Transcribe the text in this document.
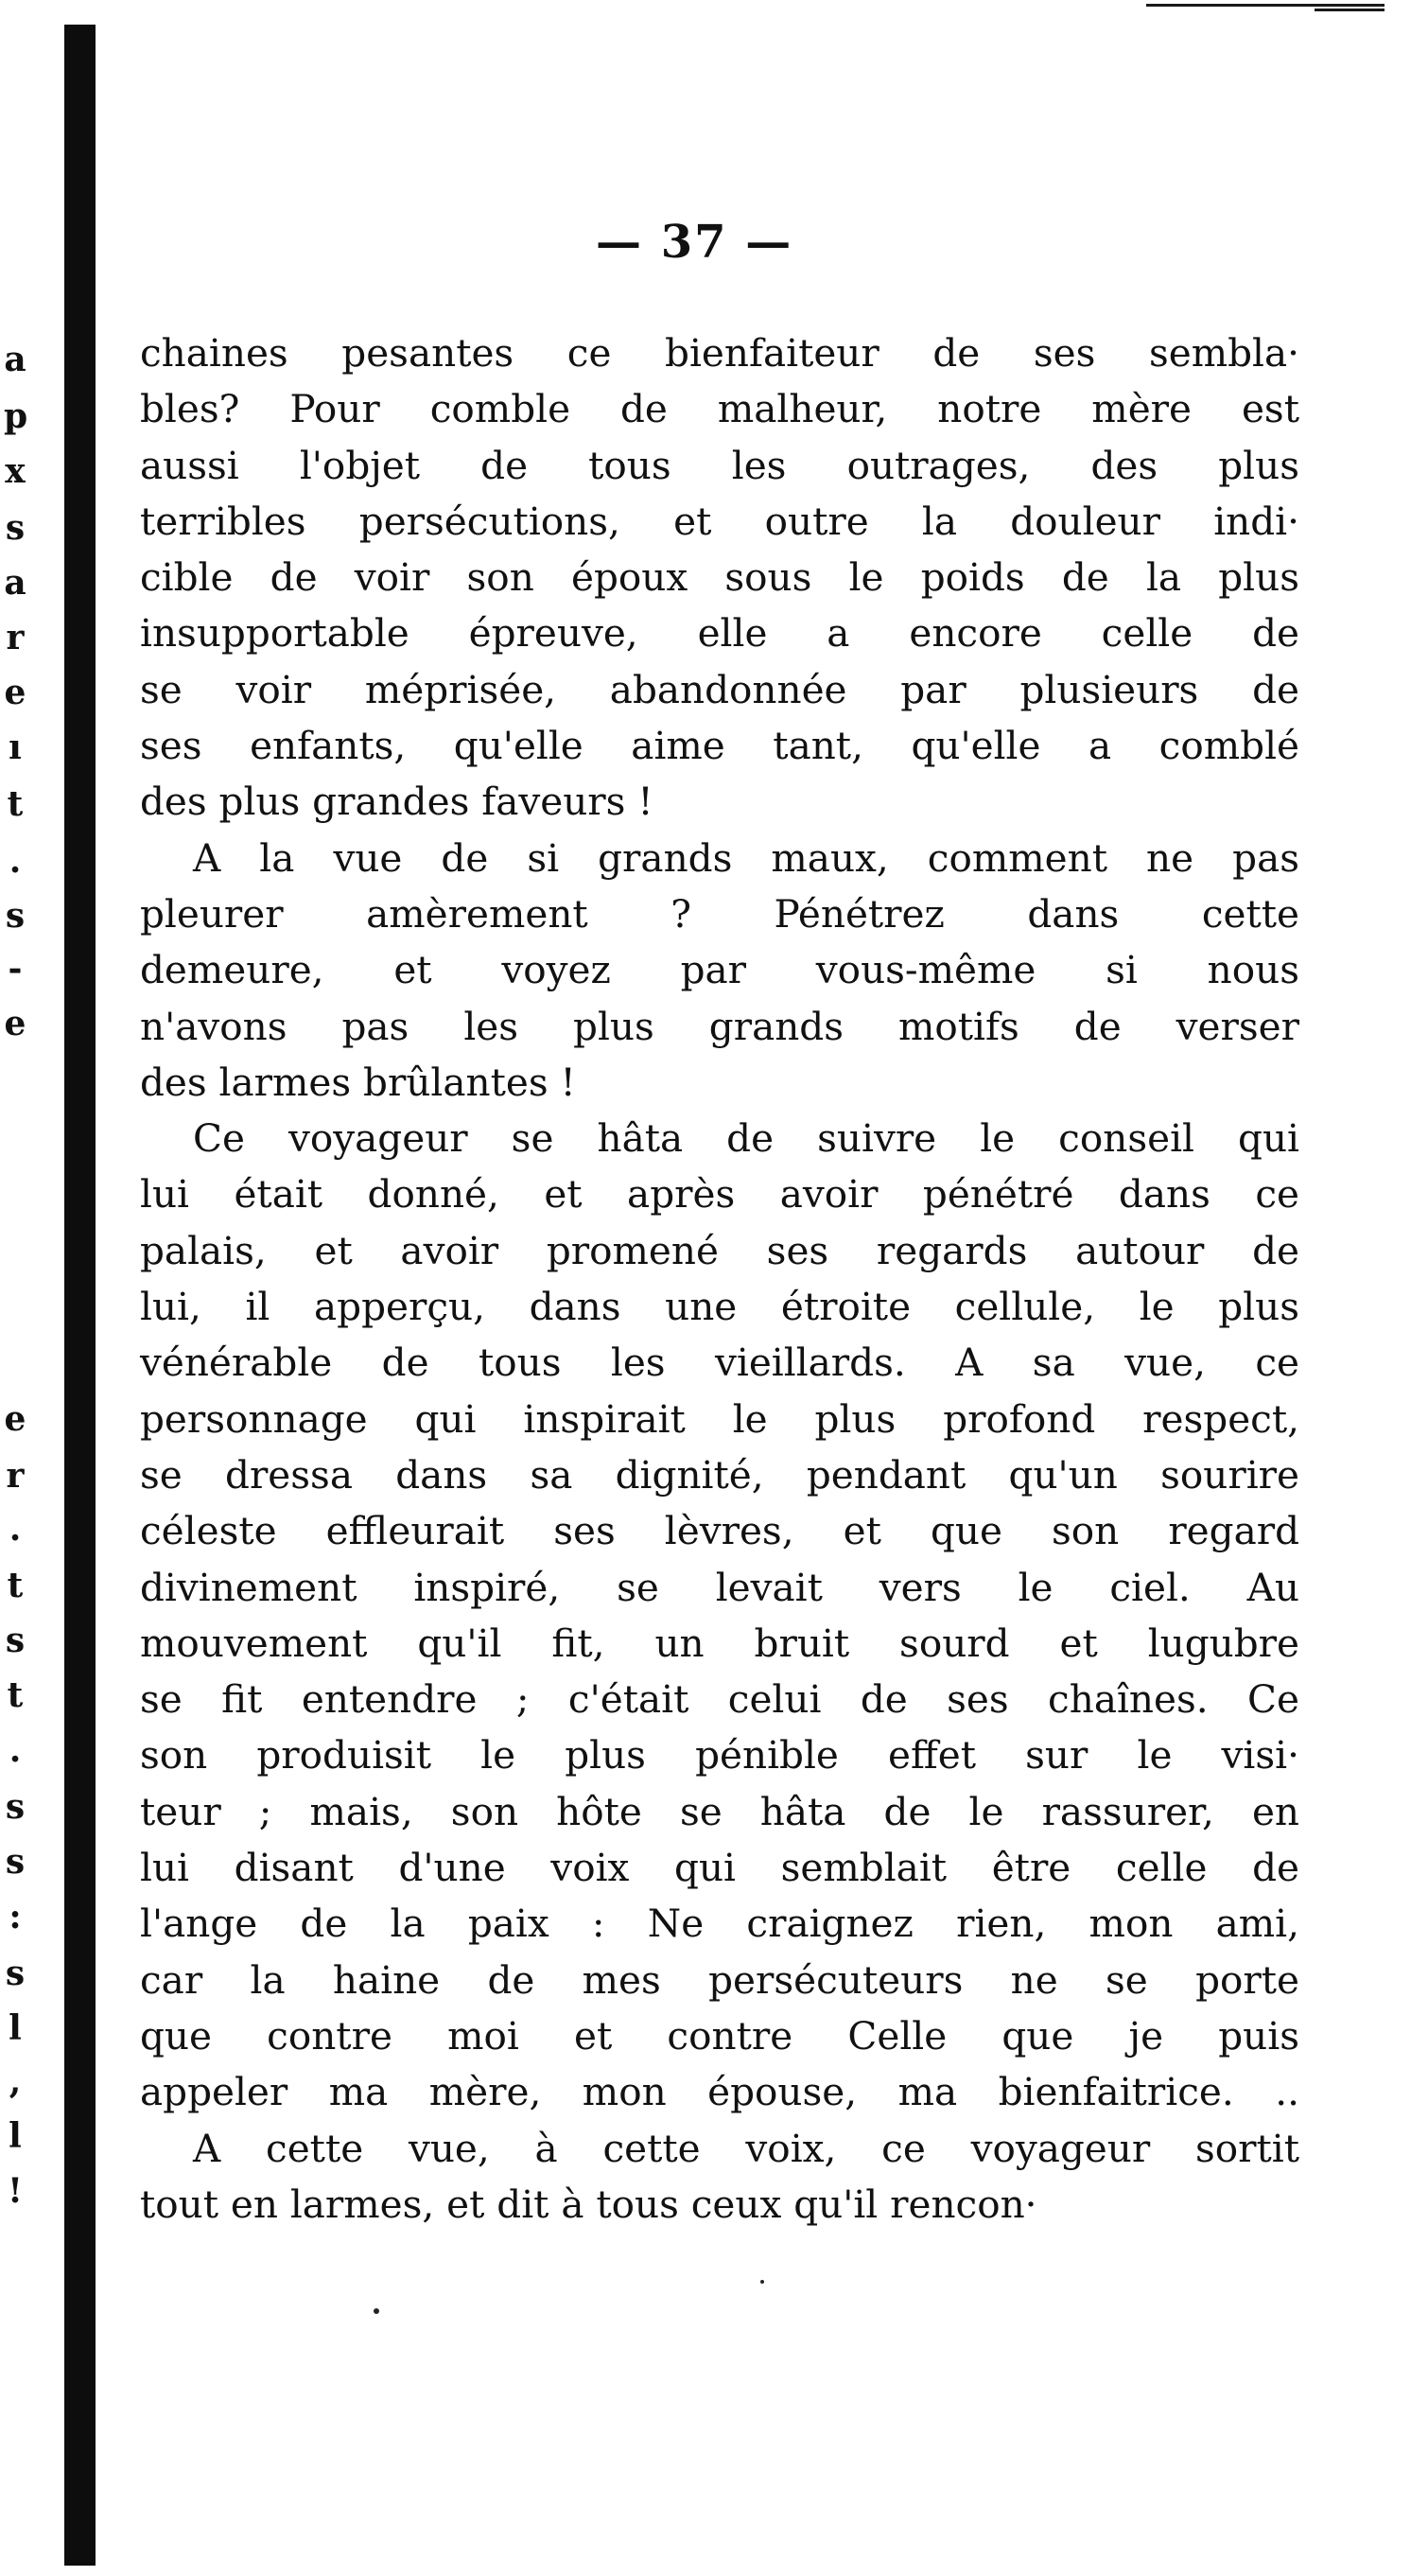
a
p
x
s
a
r
e
ı
t
.
s
-
e
e
r
.
t
s
t
.
s
s
:
s
l
,
l
!
— 37 —
chaines pesantes ce bienfaiteur de ses sembla·
bles? Pour comble de malheur, notre mère est
aussi l'objet de tous les outrages, des plus
terribles persécutions, et outre la douleur indi·
cible de voir son époux sous le poids de la plus
insupportable épreuve, elle a encore celle de
se voir méprisée, abandonnée par plusieurs de
ses enfants, qu'elle aime tant, qu'elle a comblé
des plus grandes faveurs !
A la vue de si grands maux, comment ne pas
pleurer amèrement ? Pénétrez dans cette
demeure, et voyez par vous-même si nous
n'avons pas les plus grands motifs de verser
des larmes brûlantes !
Ce voyageur se hâta de suivre le conseil qui
lui était donné, et après avoir pénétré dans ce
palais, et avoir promené ses regards autour de
lui, il apperçu, dans une étroite cellule, le plus
vénérable de tous les vieillards. A sa vue, ce
personnage qui inspirait le plus profond respect,
se dressa dans sa dignité, pendant qu'un sourire
céleste effleurait ses lèvres, et que son regard
divinement inspiré, se levait vers le ciel. Au
mouvement qu'il fit, un bruit sourd et lugubre
se fit entendre ; c'était celui de ses chaînes. Ce
son produisit le plus pénible effet sur le visi·
teur ; mais, son hôte se hâta de le rassurer, en
lui disant d'une voix qui semblait être celle de
l'ange de la paix : Ne craignez rien, mon ami,
car la haine de mes persécuteurs ne se porte
que contre moi et contre Celle que je puis
appeler ma mère, mon épouse, ma bienfaitrice. ..
A cette vue, à cette voix, ce voyageur sortit
tout en larmes, et dit à tous ceux qu'il rencon·
